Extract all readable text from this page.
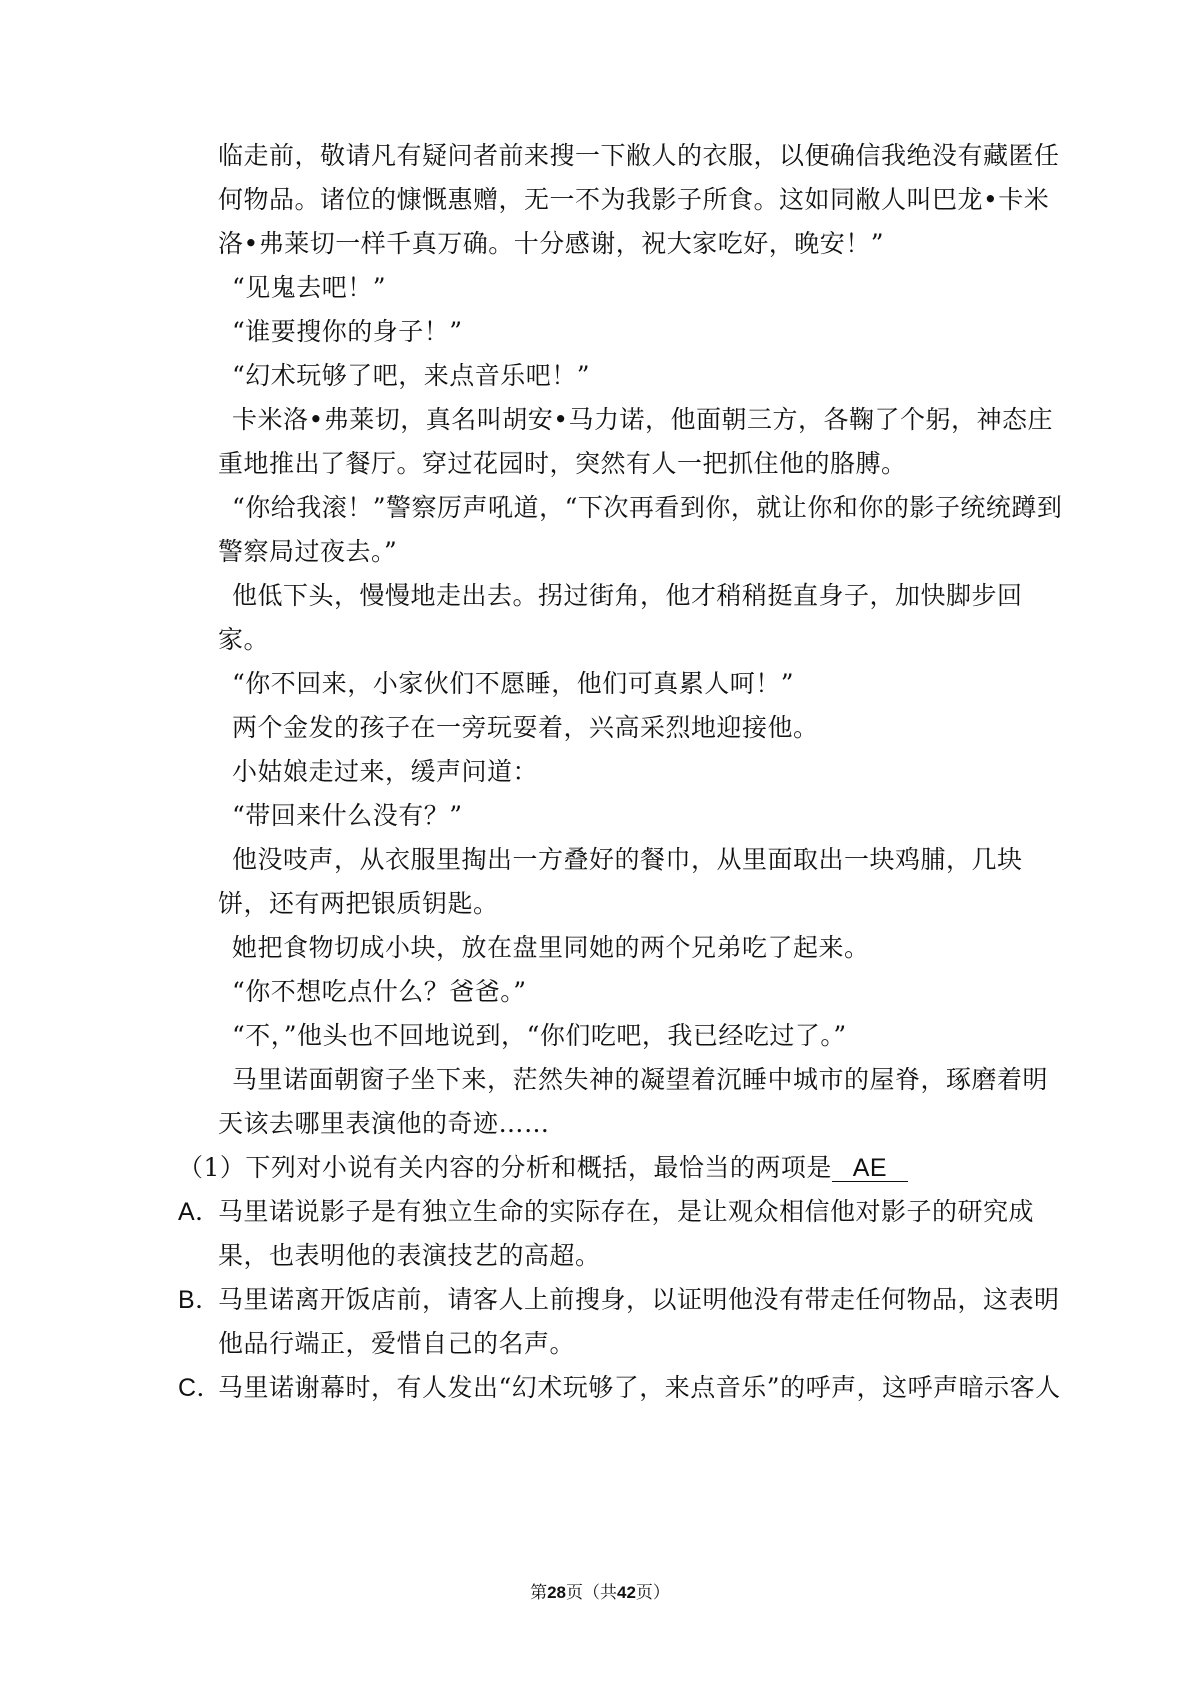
临走前，敬请凡有疑问者前来搜一下敝人的衣服，以便确信我绝没有藏匿任
何物品。诸位的慷慨惠赠，无一不为我影子所食。这如同敝人叫巴龙•卡米
洛•弗莱切一样千真万确。十分感谢，祝大家吃好，晚安！”
“见鬼去吧！”
“谁要搜你的身子！”
“幻术玩够了吧，来点音乐吧！”
卡米洛•弗莱切，真名叫胡安•马力诺，他面朝三方，各鞠了个躬，神态庄
重地推出了餐厅。穿过花园时，突然有人一把抓住他的胳膊。
“你给我滚！”警察厉声吼道，“下次再看到你，就让你和你的影子统统蹲到
警察局过夜去。”
他低下头，慢慢地走出去。拐过街角，他才稍稍挺直身子，加快脚步回
家。
“你不回来，小家伙们不愿睡，他们可真累人呵！”
两个金发的孩子在一旁玩耍着，兴高采烈地迎接他。
小姑娘走过来，缓声问道：
“带回来什么没有？”
他没吱声，从衣服里掏出一方叠好的餐巾，从里面取出一块鸡脯，几块
饼，还有两把银质钥匙。
她把食物切成小块，放在盘里同她的两个兄弟吃了起来。
“你不想吃点什么？爸爸。”
“不，”他头也不回地说到，“你们吃吧，我已经吃过了。”
马里诺面朝窗子坐下来，茫然失神的凝望着沉睡中城市的屋脊，琢磨着明
天该去哪里表演他的奇迹……
（1）下列对小说有关内容的分析和概括，最恰当的两项是 AE
A．马里诺说影子是有独立生命的实际存在，是让观众相信他对影子的研究成
果，也表明他的表演技艺的高超。
B．马里诺离开饭店前，请客人上前搜身，以证明他没有带走任何物品，这表明
他品行端正，爱惜自己的名声。
C．马里诺谢幕时，有人发出“幻术玩够了，来点音乐”的呼声，这呼声暗示客人
第28页（共42页）
